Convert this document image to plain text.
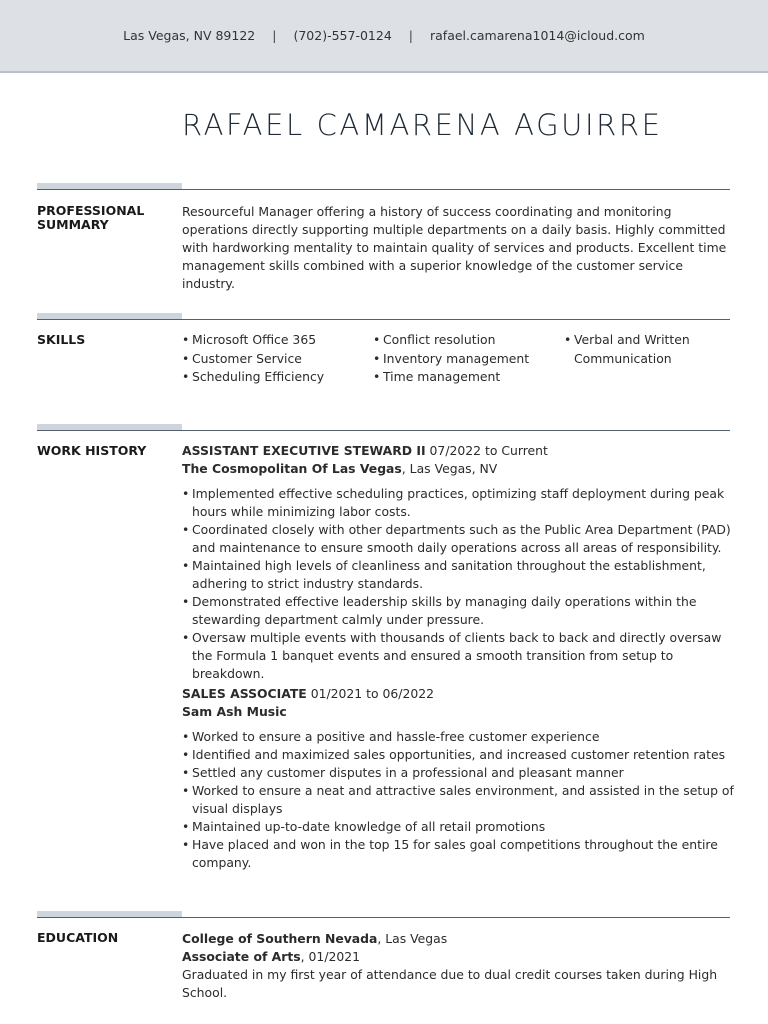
Las Vegas, NV 89122 | (702)-557-0124 | rafael.camarena1014@icloud.com
RAFAEL CAMARENA AGUIRRE
PROFESSIONAL SUMMARY
Resourceful Manager offering a history of success coordinating and monitoring operations directly supporting multiple departments on a daily basis. Highly committed with hardworking mentality to maintain quality of services and products. Excellent time management skills combined with a superior knowledge of the customer service industry.
SKILLS	• Microsoft Office 365
• Customer Service
• Scheduling Efficiency
• Conflict resolution
• Inventory management
• Time management
• Verbal and Written Communication
WORK HISTORY	ASSISTANT EXECUTIVE STEWARD II 07/2022 to Current
The Cosmopolitan Of Las Vegas, Las Vegas, NV
• Implemented effective scheduling practices, optimizing staff deployment during peak hours while minimizing labor costs.
• Coordinated closely with other departments such as the Public Area Department (PAD) and maintenance to ensure smooth daily operations across all areas of responsibility.
• Maintained high levels of cleanliness and sanitation throughout the establishment, adhering to strict industry standards.
• Demonstrated effective leadership skills by managing daily operations within the stewarding department calmly under pressure.
• Oversaw multiple events with thousands of clients back to back and directly oversaw the Formula 1 banquet events and ensured a smooth transition from setup to breakdown.
SALES ASSOCIATE 01/2021 to 06/2022
Sam Ash Music
• Worked to ensure a positive and hassle-free customer experience
• Identified and maximized sales opportunities, and increased customer retention rates
• Settled any customer disputes in a professional and pleasant manner
• Worked to ensure a neat and attractive sales environment, and assisted in the setup of visual displays
• Maintained up-to-date knowledge of all retail promotions
• Have placed and won in the top 15 for sales goal competitions throughout the entire company.
EDUCATION	College of Southern Nevada, Las Vegas
Associate of Arts, 01/2021
Graduated in my first year of attendance due to dual credit courses taken during High School.
